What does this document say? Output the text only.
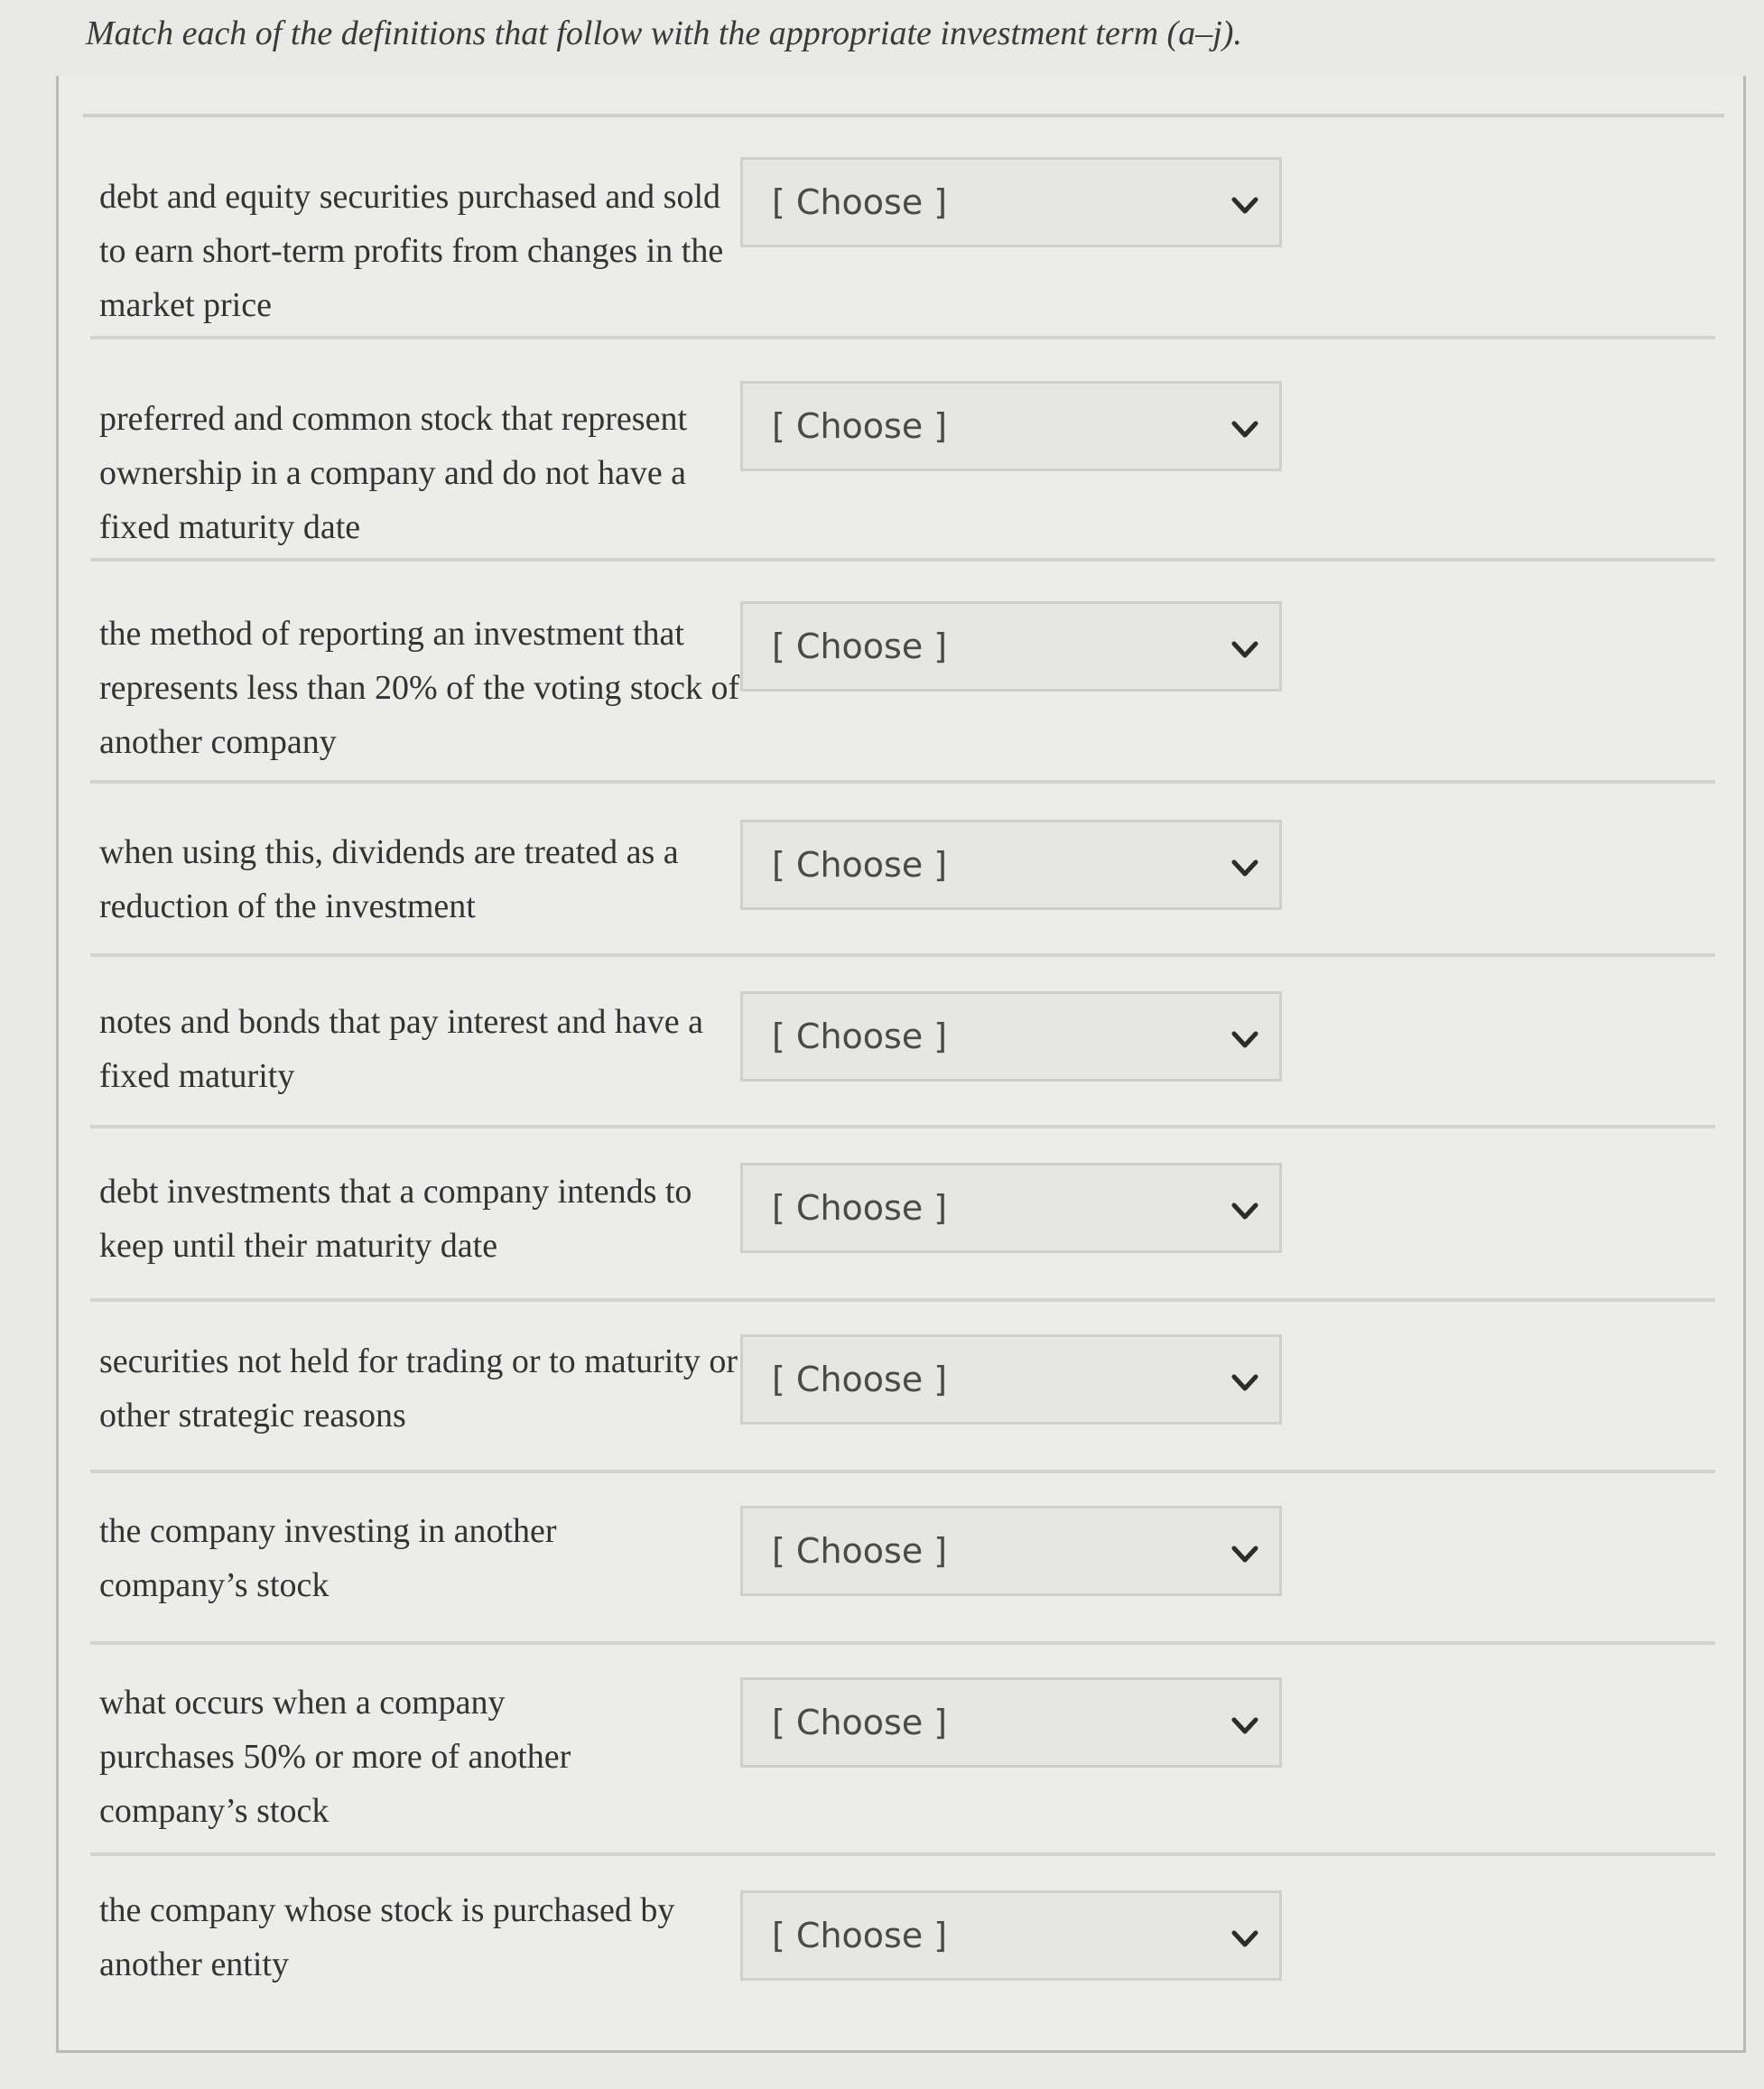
Match each of the definitions that follow with the appropriate investment term (a–j).
debt and equity securities purchased and sold to earn short-term profits from changes in the market price
[ Choose ]
preferred and common stock that represent ownership in a company and do not have a fixed maturity date
[ Choose ]
the method of reporting an investment that represents less than 20% of the voting stock of another company
[ Choose ]
when using this, dividends are treated as a reduction of the investment
[ Choose ]
notes and bonds that pay interest and have a fixed maturity
[ Choose ]
debt investments that a company intends to keep until their maturity date
[ Choose ]
securities not held for trading or to maturity or other strategic reasons
[ Choose ]
the company investing in another company’s stock
[ Choose ]
what occurs when a company purchases 50% or more of another company’s stock
[ Choose ]
the company whose stock is purchased by another entity
[ Choose ]
